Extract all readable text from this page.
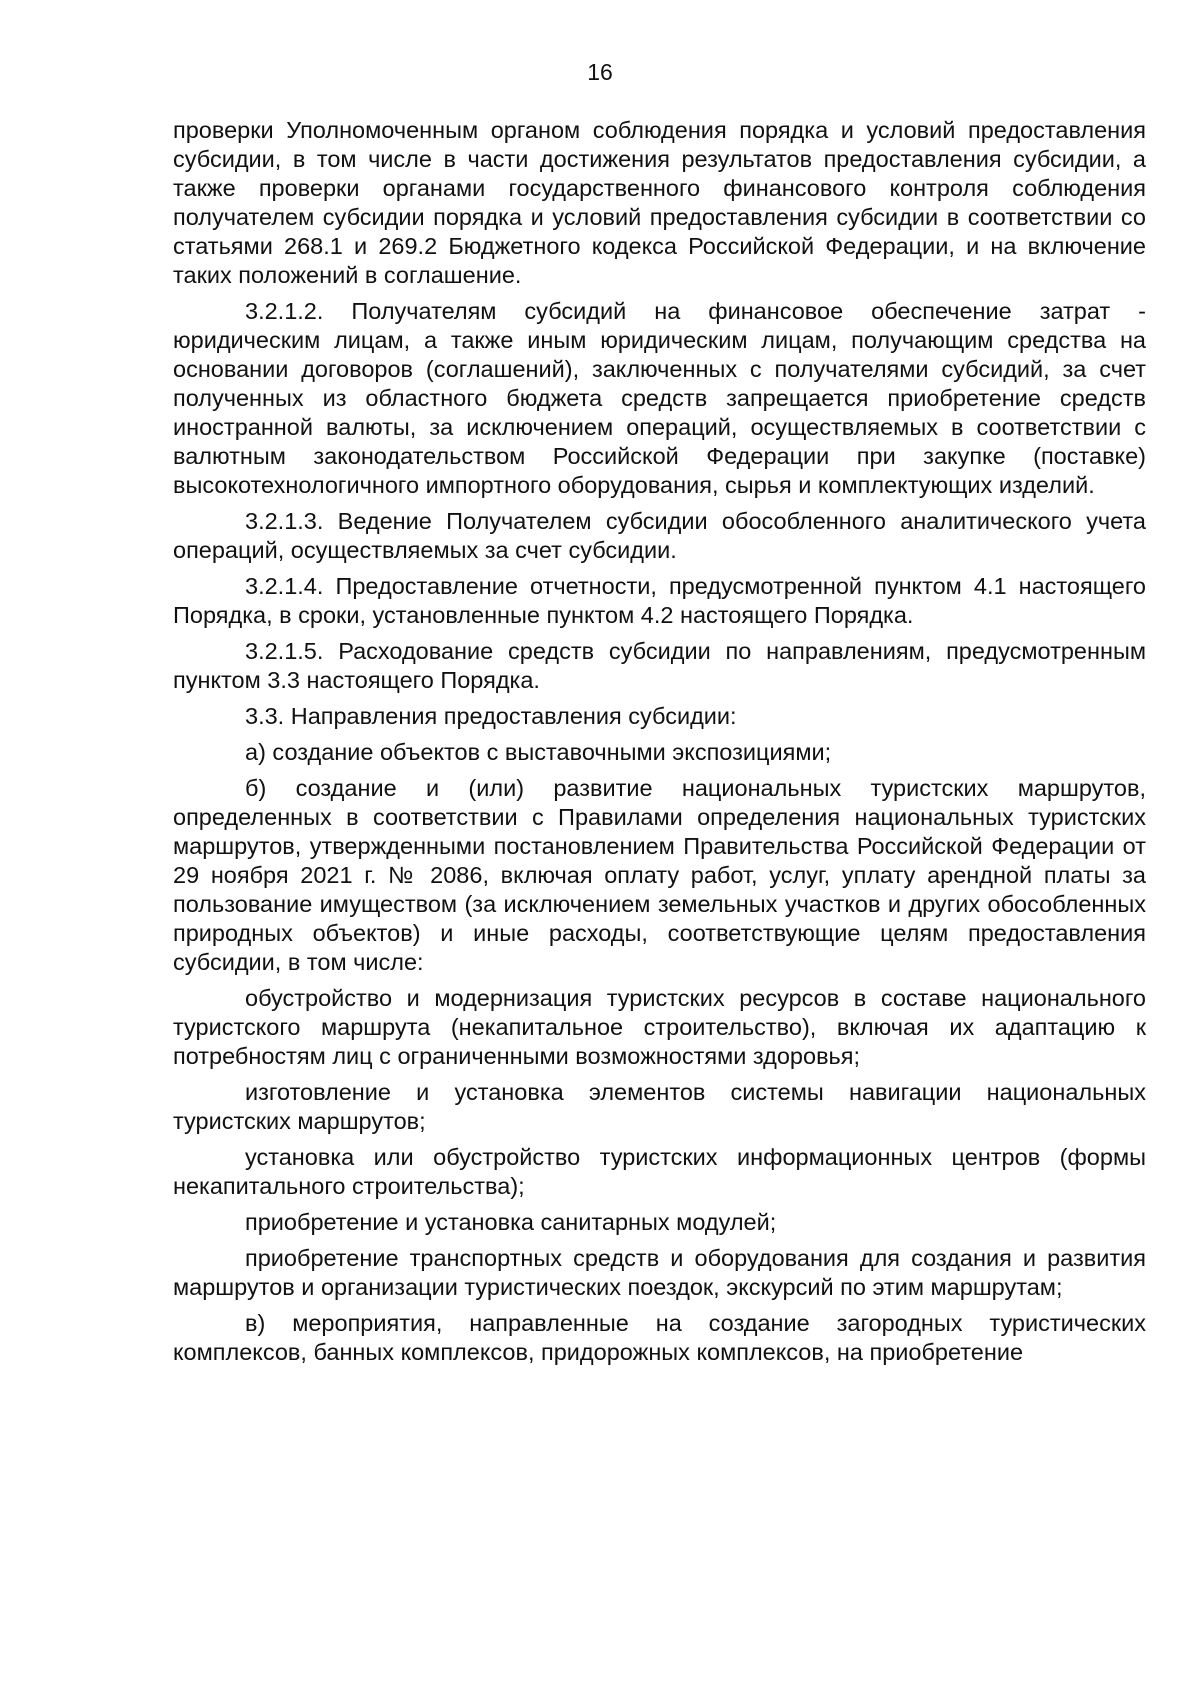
16

проверки Уполномоченным органом соблюдения порядка и условий предоставления субсидии, в том числе в части достижения результатов предоставления субсидии, а также проверки органами государственного финансового контроля соблюдения получателем субсидии порядка и условий предоставления субсидии в соответствии со статьями 268.1 и 269.2 Бюджетного кодекса Российской Федерации, и на включение таких положений в соглашение.

3.2.1.2. Получателям субсидий на финансовое обеспечение затрат - юридическим лицам, а также иным юридическим лицам, получающим средства на основании договоров (соглашений), заключенных с получателями субсидий, за счет полученных из областного бюджета средств запрещается приобретение средств иностранной валюты, за исключением операций, осуществляемых в соответствии с валютным законодательством Российской Федерации при закупке (поставке) высокотехнологичного импортного оборудования, сырья и комплектующих изделий.

3.2.1.3. Ведение Получателем субсидии обособленного аналитического учета операций, осуществляемых за счет субсидии.

3.2.1.4. Предоставление отчетности, предусмотренной пунктом 4.1 настоящего Порядка, в сроки, установленные пунктом 4.2 настоящего Порядка.

3.2.1.5. Расходование средств субсидии по направлениям, предусмотренным пунктом 3.3 настоящего Порядка.

3.3. Направления предоставления субсидии:

а) создание объектов с выставочными экспозициями;

б) создание и (или) развитие национальных туристских маршрутов, определенных в соответствии с Правилами определения национальных туристских маршрутов, утвержденными постановлением Правительства Российской Федерации от 29 ноября 2021 г. № 2086, включая оплату работ, услуг, уплату арендной платы за пользование имуществом (за исключением земельных участков и других обособленных природных объектов) и иные расходы, соответствующие целям предоставления субсидии, в том числе:

обустройство и модернизация туристских ресурсов в составе национального туристского маршрута (некапитальное строительство), включая их адаптацию к потребностям лиц с ограниченными возможностями здоровья;

изготовление и установка элементов системы навигации национальных туристских маршрутов;

установка или обустройство туристских информационных центров (формы некапитального строительства);

приобретение и установка санитарных модулей;

приобретение транспортных средств и оборудования для создания и развития маршрутов и организации туристических поездок, экскурсий по этим маршрутам;

в) мероприятия, направленные на создание загородных туристических комплексов, банных комплексов, придорожных комплексов, на приобретение
